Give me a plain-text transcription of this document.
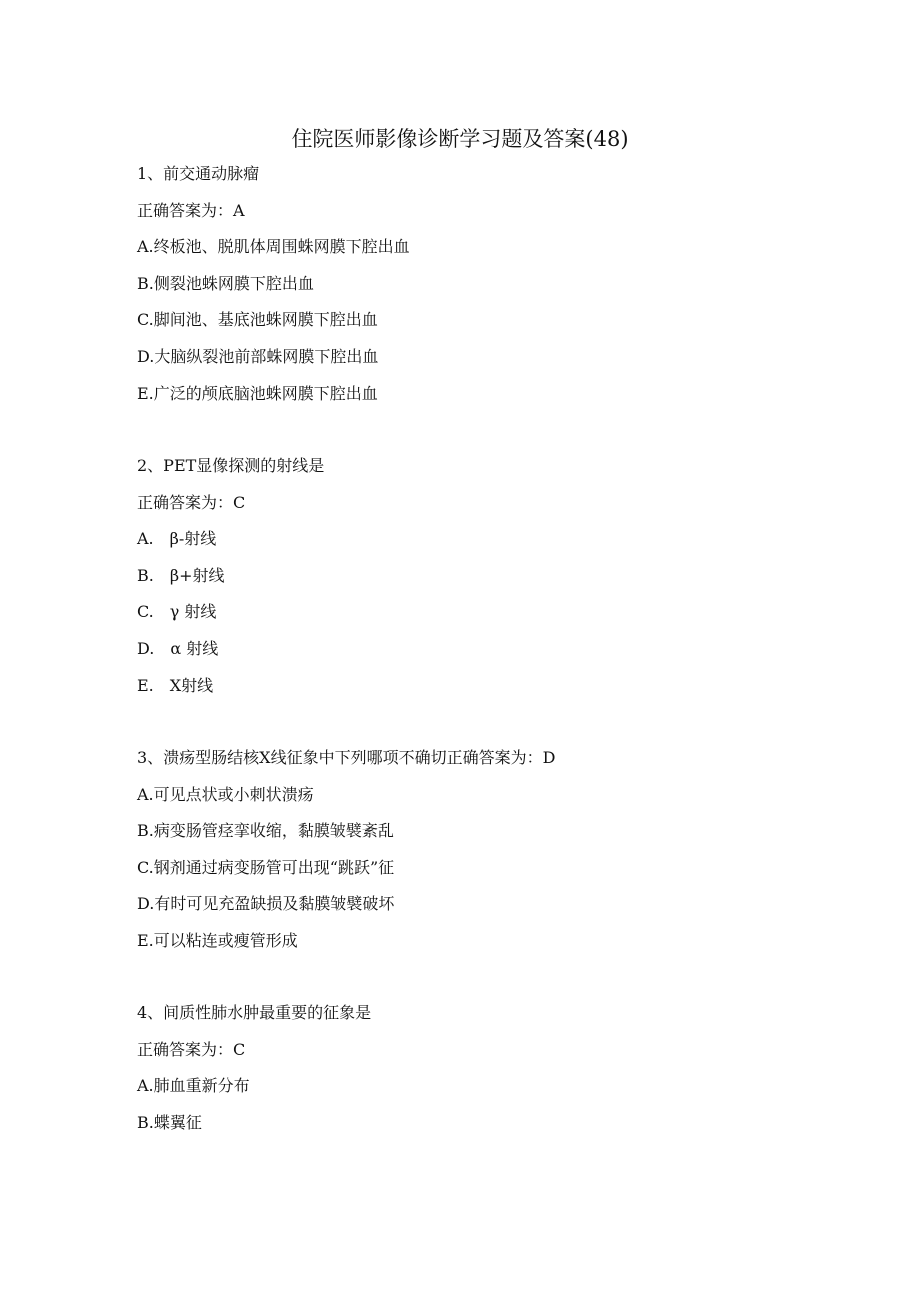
住院医师影像诊断学习题及答案(48)
1、前交通动脉瘤
正确答案为：A
A.终板池、脱肌体周围蛛网膜下腔出血
B.侧裂池蛛网膜下腔出血
C.脚间池、基底池蛛网膜下腔出血
D.大脑纵裂池前部蛛网膜下腔出血
E.广泛的颅底脑池蛛网膜下腔出血
2、PET显像探测的射线是
正确答案为：C
A.　β-射线
B.　β+射线
C.　γ 射线
D.　α 射线
E.　X射线
3、溃疡型肠结核X线征象中下列哪项不确切正确答案为：D
A.可见点状或小刺状溃疡
B.病变肠管痉挛收缩，黏膜皱襞紊乱
C.钢剂通过病变肠管可出现“跳跃”征
D.有时可见充盈缺损及黏膜皱襞破坏
E.可以粘连或瘦管形成
4、间质性肺水肿最重要的征象是
正确答案为：C
A.肺血重新分布
B.蝶翼征
